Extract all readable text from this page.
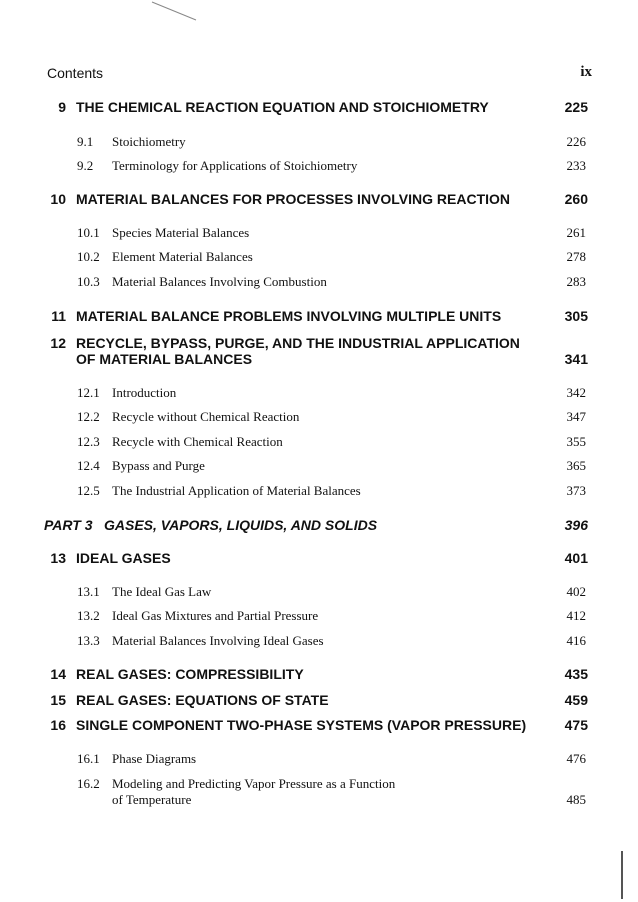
Contents	ix
9 THE CHEMICAL REACTION EQUATION AND STOICHIOMETRY	225
9.1 Stoichiometry	226
9.2 Terminology for Applications of Stoichiometry	233
10 MATERIAL BALANCES FOR PROCESSES INVOLVING REACTION	260
10.1 Species Material Balances	261
10.2 Element Material Balances	278
10.3 Material Balances Involving Combustion	283
11 MATERIAL BALANCE PROBLEMS INVOLVING MULTIPLE UNITS	305
12 RECYCLE, BYPASS, PURGE, AND THE INDUSTRIAL APPLICATION
OF MATERIAL BALANCES	341
12.1 Introduction	342
12.2 Recycle without Chemical Reaction	347
12.3 Recycle with Chemical Reaction	355
12.4 Bypass and Purge	365
12.5 The Industrial Application of Material Balances	373
PART 3 GASES, VAPORS, LIQUIDS, AND SOLIDS	396
13 IDEAL GASES	401
13.1 The Ideal Gas Law	402
13.2 Ideal Gas Mixtures and Partial Pressure	412
13.3 Material Balances Involving Ideal Gases	416
14 REAL GASES: COMPRESSIBILITY	435
15 REAL GASES: EQUATIONS OF STATE	459
16 SINGLE COMPONENT TWO-PHASE SYSTEMS (VAPOR PRESSURE)	475
16.1 Phase Diagrams	476
16.2 Modeling and Predicting Vapor Pressure as a Function
of Temperature	485
